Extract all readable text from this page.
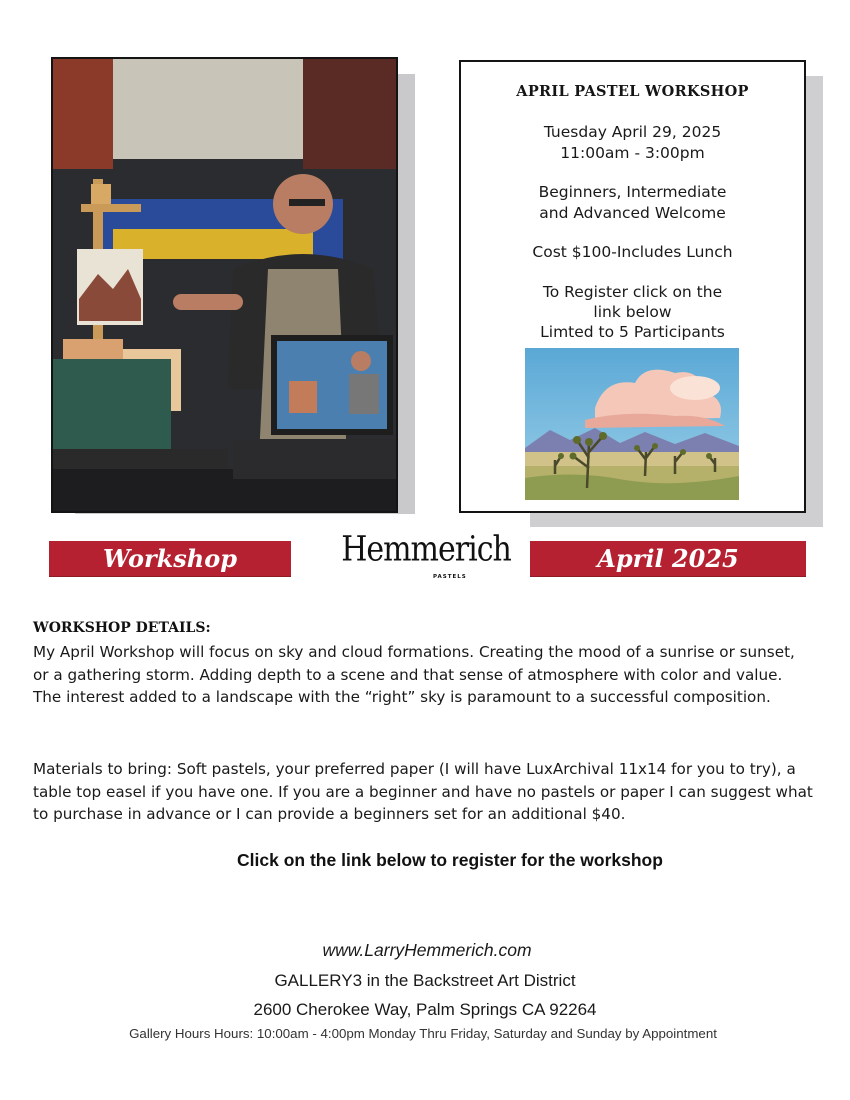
APRIL PASTEL WORKSHOP
Tuesday April 29, 2025
11:00am - 3:00pm
Beginners, Intermediate
and Advanced Welcome
Cost $100-Includes Lunch
To Register click on the
link below
Limted to 5 Participants
Workshop	Hemmerich
PASTELS
April 2025
WORKSHOP DETAILS:
My April Workshop will focus on sky and cloud formations. Creating the mood of a sunrise or sunset, or a gathering storm. Adding depth to a scene and that sense of atmosphere with color and value. The interest added to a landscape with the “right” sky is paramount to a successful composition.
Materials to bring: Soft pastels, your preferred paper (I will have LuxArchival 11x14 for you to try), a table top easel if you have one. If you are a beginner and have no pastels or paper I can suggest what to purchase in advance or I can provide a beginners set for an additional $40.
Click on the link below to register for the workshop
www.LarryHemmerich.com
GALLERY3 in the Backstreet Art District
2600 Cherokee Way, Palm Springs CA 92264
Gallery Hours Hours: 10:00am - 4:00pm Monday Thru Friday, Saturday and Sunday by Appointment
